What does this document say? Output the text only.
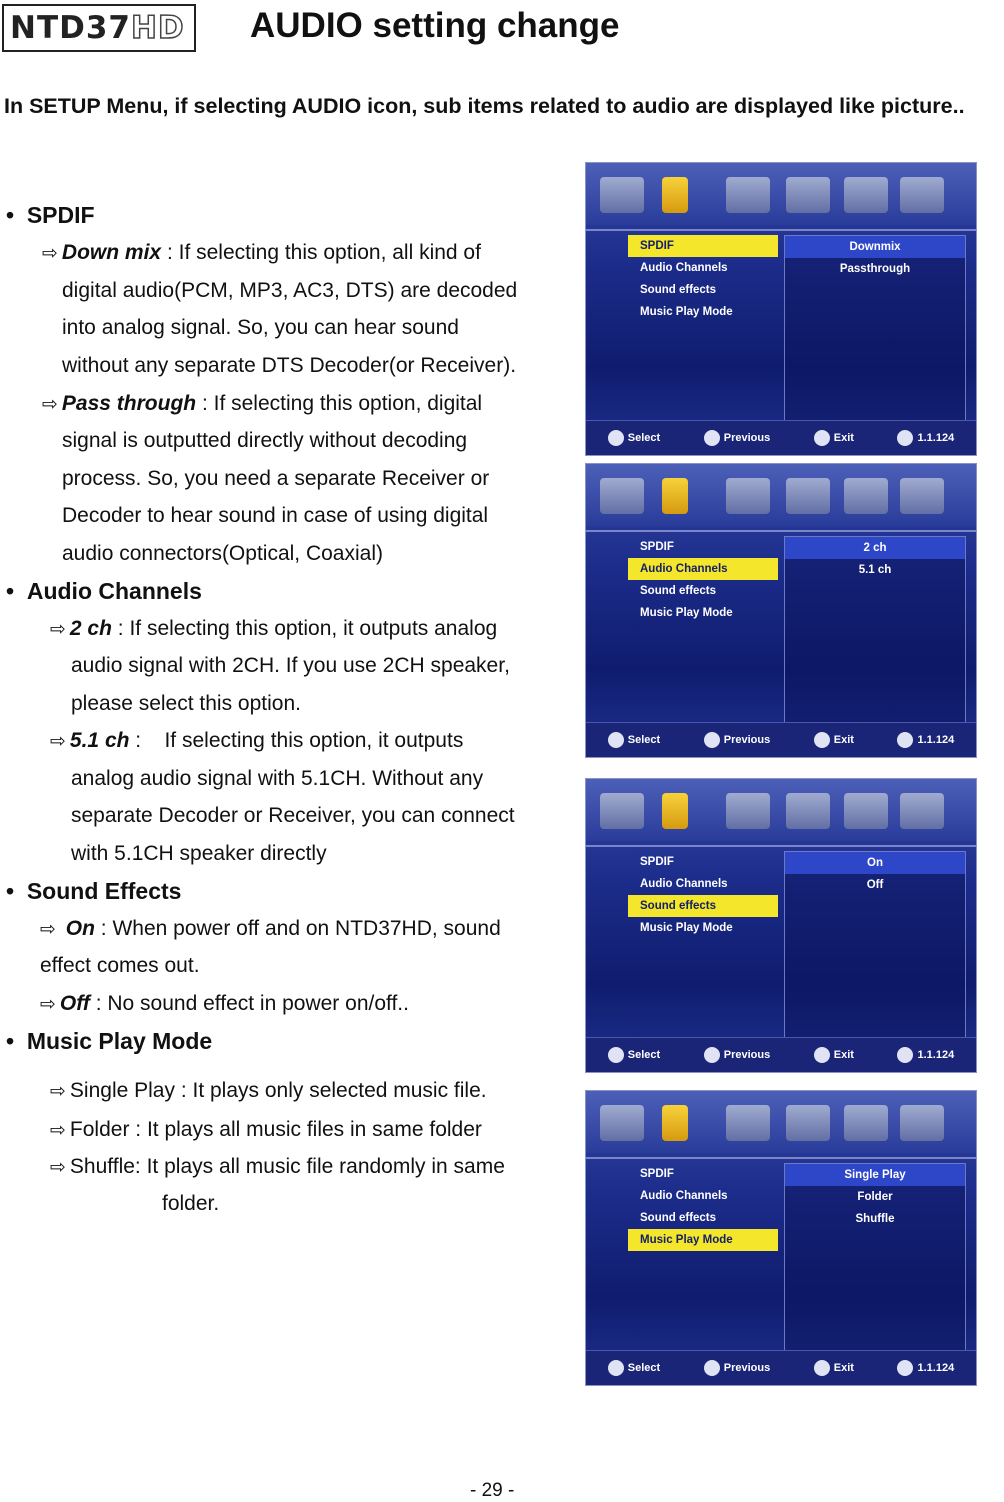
NTD37 HD AUDIO setting change
In SETUP Menu, if selecting AUDIO icon, sub items related to audio are displayed like picture..
• SPDIF
⇨ Down mix : If selecting this option, all kind of
digital audio(PCM, MP3, AC3, DTS) are decoded
into analog signal. So, you can hear sound
without any separate DTS Decoder(or Receiver).
⇨ Pass through : If selecting this option, digital
signal is outputted directly without decoding
process. So, you need a separate Receiver or
Decoder to hear sound in case of using digital
audio connectors(Optical, Coaxial)
• Audio Channels
⇨ 2 ch : If selecting this option, it outputs analog
audio signal with 2CH. If you use 2CH speaker,
please select this option.
⇨ 5.1 ch :    If selecting this option, it outputs
analog audio signal with 5.1CH. Without any
separate Decoder or Receiver, you can connect
with 5.1CH speaker directly
• Sound Effects
⇨ On : When power off and on NTD37HD, sound
effect comes out.
⇨ Off : No sound effect in power on/off..
• Music Play Mode
⇨ Single Play : It plays only selected music file.
⇨ Folder : It plays all music files in same folder
⇨ Shuffle: It plays all music file randomly in same
folder.
SPDIF
Audio Channels
Sound effects
Music Play Mode
Downmix
Passthrough
Select	Previous	Exit	1.1.124
SPDIF
Audio Channels
Sound effects
Music Play Mode
2 ch
5.1 ch
Select	Previous	Exit	1.1.124
SPDIF
Audio Channels
Sound effects
Music Play Mode
On
Off
Select	Previous	Exit	1.1.124
SPDIF
Audio Channels
Sound effects
Music Play Mode
Single Play
Folder
Shuffle
Select	Previous	Exit	1.1.124
- 29 -
